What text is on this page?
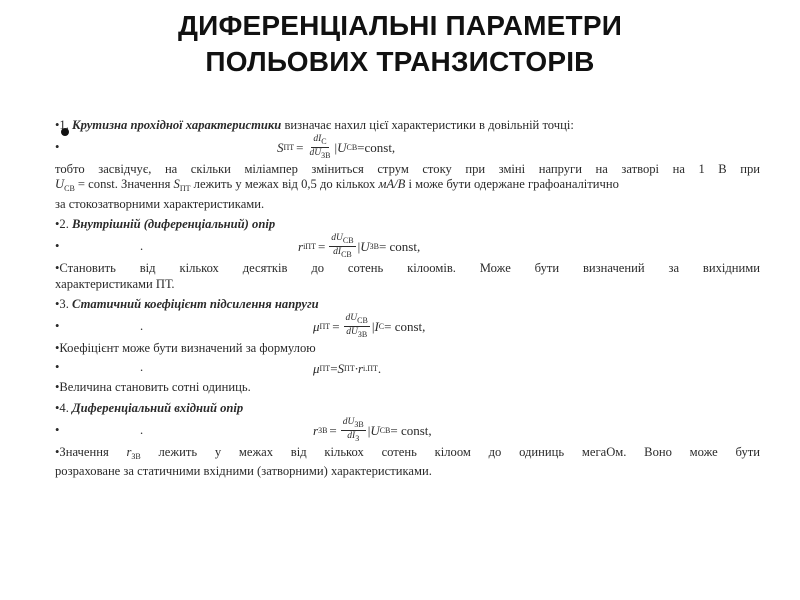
ДИФЕРЕНЦІАЛЬНІ ПАРАМЕТРИ
ПОЛЬОВИХ ТРАНЗИСТОРІВ

•1. Крутизна прохідної характеристики визначає нахил цієї характеристики в довільній точці:

•	S ПТ = $\frac{dI_C}{dU_{ЗВ}}$ | U СВ =const,

тобто засвідчує, на скільки міліампер зміниться струм стоку при зміні напруги на затворі на 1 В при

$U_{СВ}$ = const. Значення $S_{ПТ}$ лежить у межах від 0,5 до кількох мА/В і може бути одержане графоаналітично

за стокозатворними характеристиками.

•2. Внутрішній (диференціальний) опір

•	.	r іПТ = $\frac{dU_{СВ}}{dI_{СВ}}$ | U ЗВ = const,

•Становить від кількох десятків до сотень кілоомів. Може бути визначений за вихідними

характеристиками ПТ.

•3. Статичний коефіцієнт підсилення напруги

•	.	μ ПТ = $\frac{dU_{СВ}}{dU_{ЗВ}}$ | I C = const,

•Коефіцієнт може бути визначений за формулою

•	.	μ ПТ = S ПТ ·r і.ПТ .

•Величина становить сотні одиниць.

•4. Диференціальний вхідний опір

•	.	r ЗВ = $\frac{dU_{ЗВ}}{dI_З}$ | U СВ = const,

•Значення $r_{ЗВ}$ лежить у межах від кількох сотень кілоом до одиниць мегаОм. Воно може бути

розраховане за статичними вхідними (затворними) характеристиками.
